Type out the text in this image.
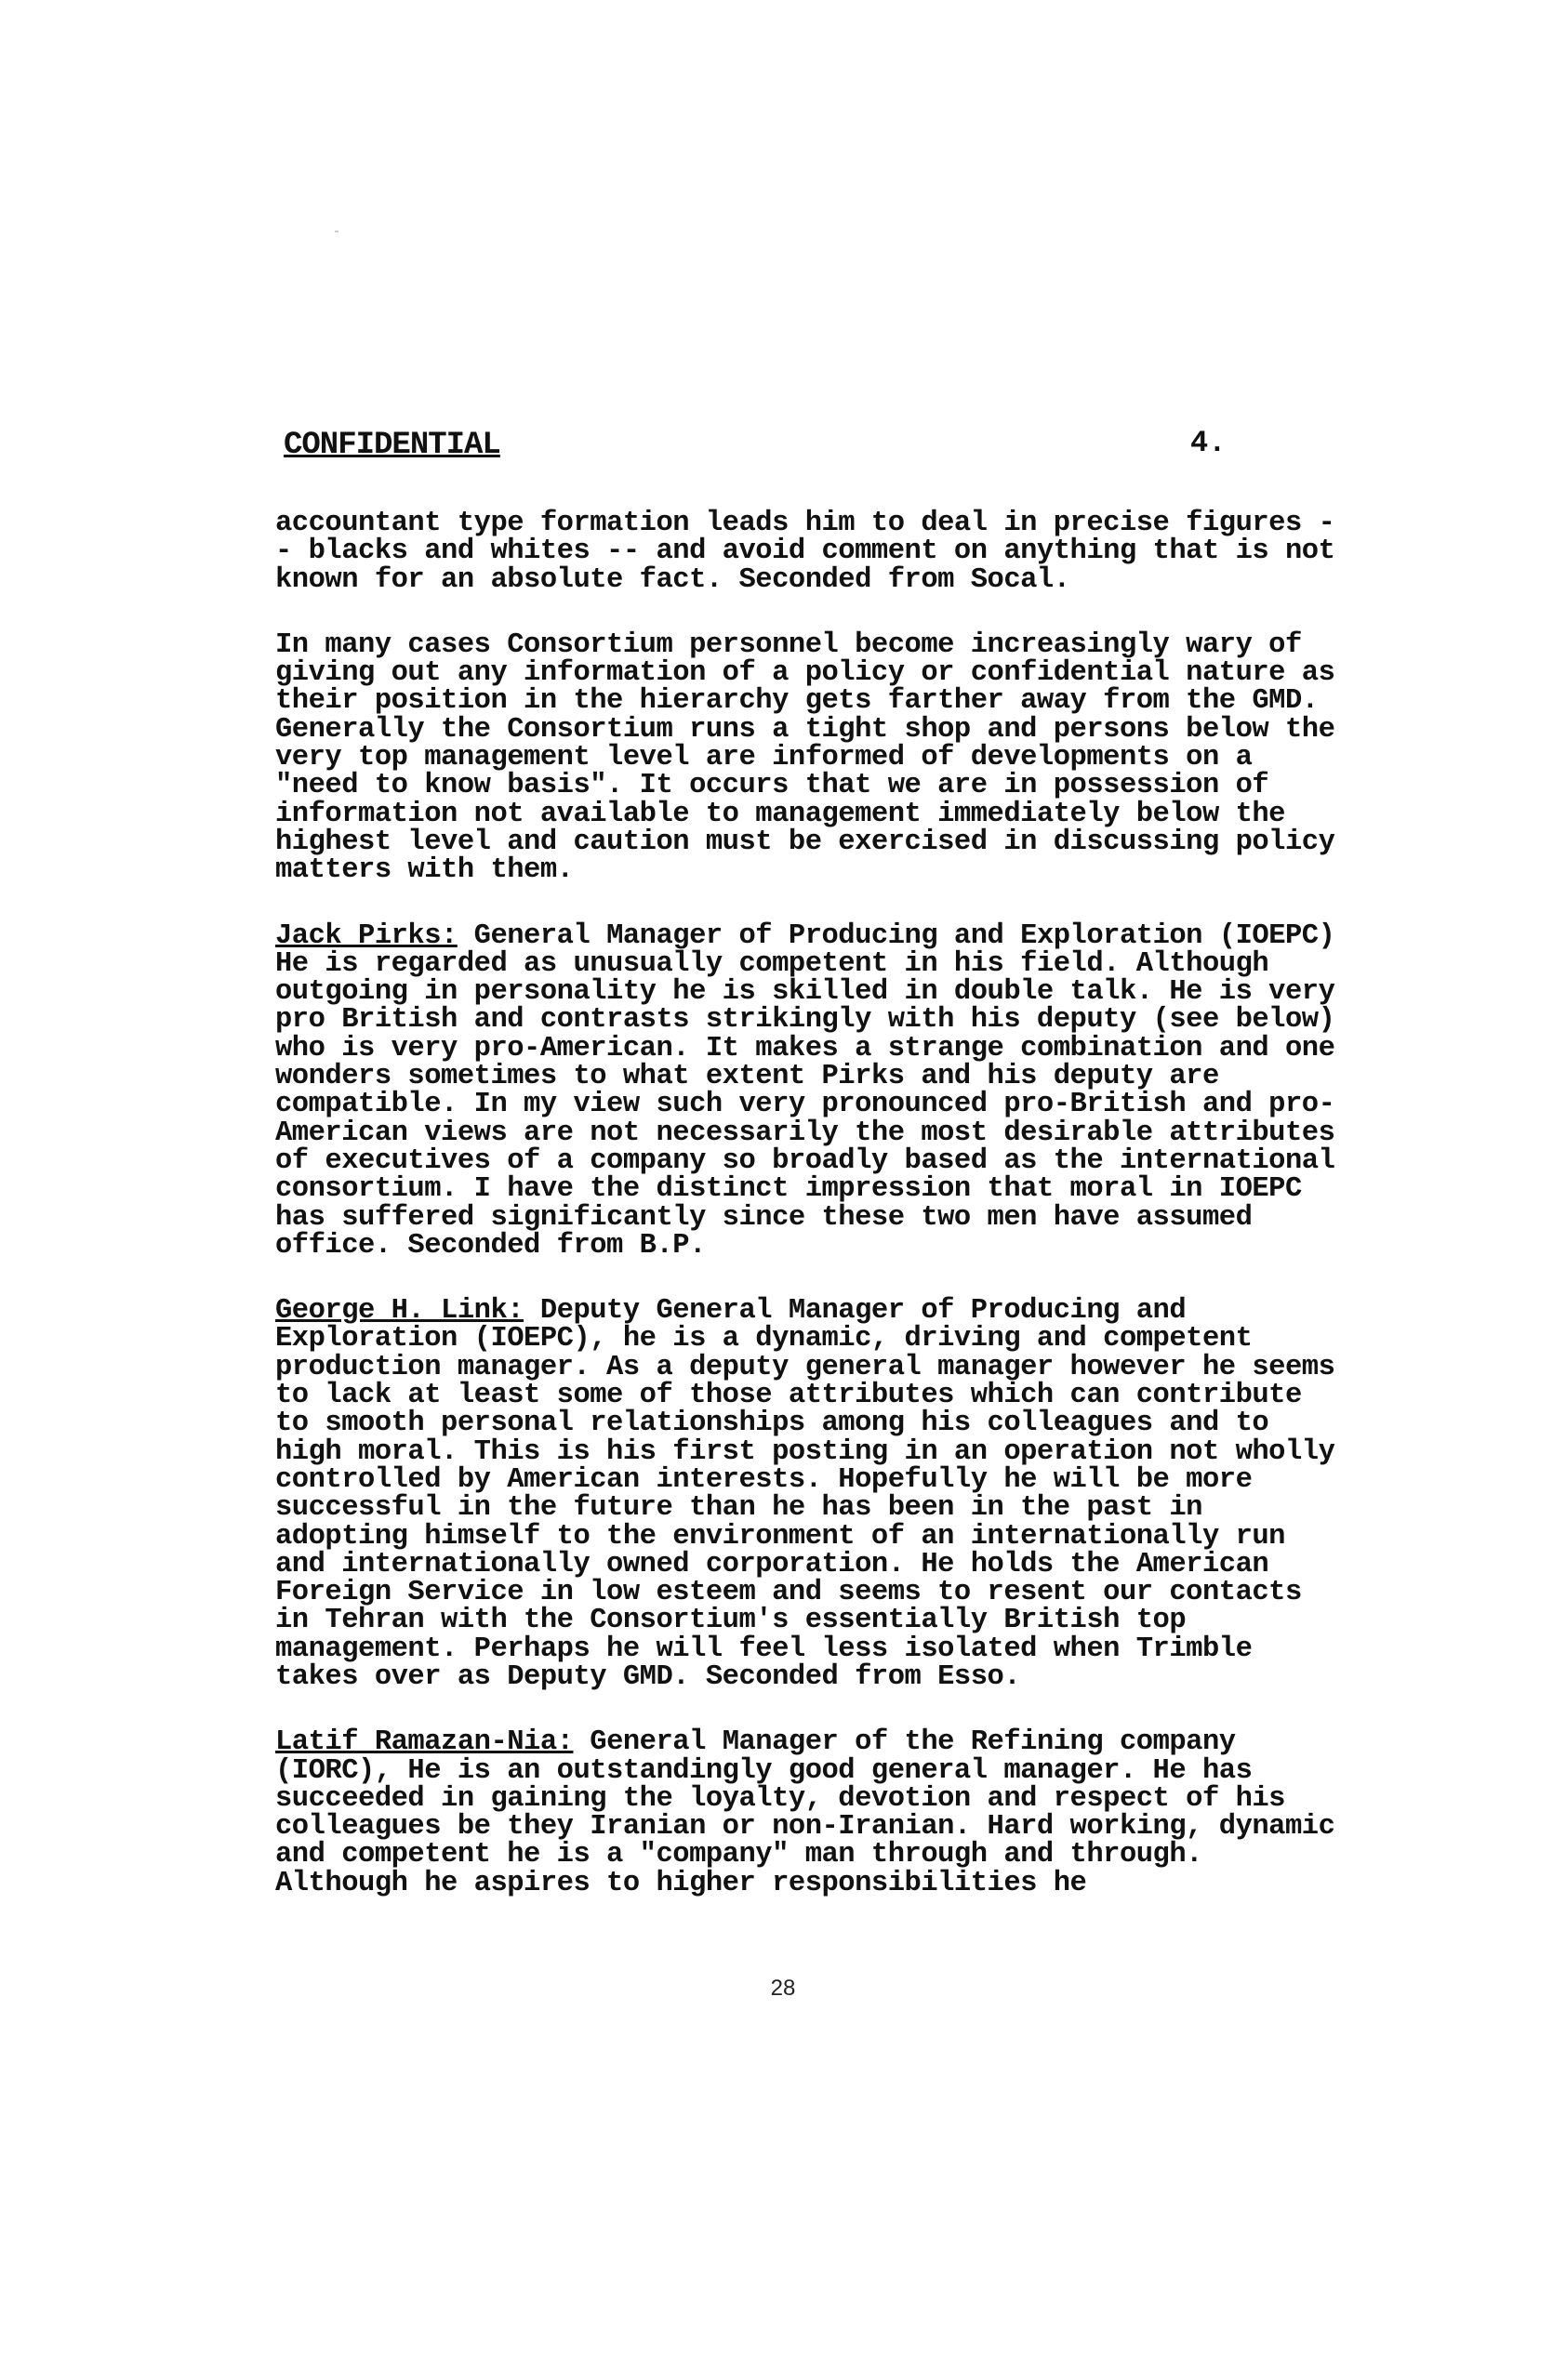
CONFIDENTIAL	4.

accountant type formation leads him to deal in precise figures -- blacks and whites -- and avoid comment on anything that is not known for an absolute fact. Seconded from Socal.

In many cases Consortium personnel become increasingly wary of giving out any information of a policy or confidential nature as their position in the hierarchy gets farther away from the GMD. Generally the Consortium runs a tight shop and persons below the very top management level are informed of developments on a "need to know basis". It occurs that we are in possession of information not available to management immediately below the highest level and caution must be exercised in discussing policy matters with them.

Jack Pirks: General Manager of Producing and Exploration (IOEPC) He is regarded as unusually competent in his field. Although outgoing in personality he is skilled in double talk. He is very pro British and contrasts strikingly with his deputy (see below) who is very pro-American. It makes a strange combination and one wonders sometimes to what extent Pirks and his deputy are compatible. In my view such very pronounced pro-British and pro-American views are not necessarily the most desirable attributes of executives of a company so broadly based as the international consortium. I have the distinct impression that moral in IOEPC has suffered significantly since these two men have assumed office. Seconded from B.P.

George H. Link: Deputy General Manager of Producing and Exploration (IOEPC), he is a dynamic, driving and competent production manager. As a deputy general manager however he seems to lack at least some of those attributes which can contribute to smooth personal relationships among his colleagues and to high moral. This is his first posting in an operation not wholly controlled by American interests. Hopefully he will be more successful in the future than he has been in the past in adopting himself to the environment of an internationally run and internationally owned corporation. He holds the American Foreign Service in low esteem and seems to resent our contacts in Tehran with the Consortium's essentially British top management. Perhaps he will feel less isolated when Trimble takes over as Deputy GMD. Seconded from Esso.

Latif Ramazan-Nia: General Manager of the Refining company (IORC), He is an outstandingly good general manager. He has succeeded in gaining the loyalty, devotion and respect of his colleagues be they Iranian or non-Iranian. Hard working, dynamic and competent he is a "company" man through and through. Although he aspires to higher responsibilities he

28
